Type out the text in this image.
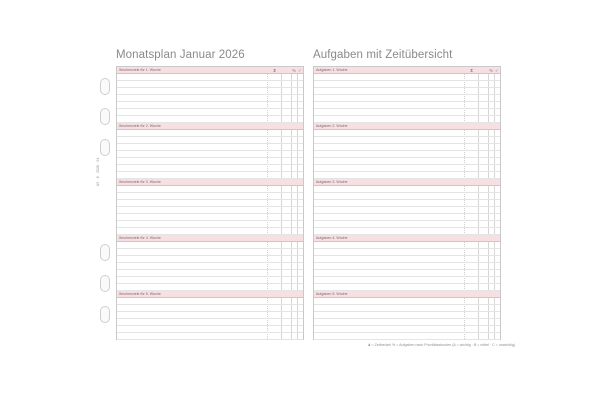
Monatsplan Januar 2026	Aufgaben mit Zeitübersicht
A5 · 8 · 2026 · 01
Wochenziele für 1. Woche	⧗	% ✓
Wochenziele für 2. Woche
Wochenziele für 3. Woche
Wochenziele für 4. Woche
Wochenziele für 5. Woche
Aufgaben 1. Woche	⧗	% ✓
Aufgaben 2. Woche
Aufgaben 3. Woche
Aufgaben 4. Woche
Aufgaben 5. Woche
⧗ = Zeitbedarf % = Aufgaben nach Prioritätsstunden (A = wichtig · B = mittel · C = unwichtig)
